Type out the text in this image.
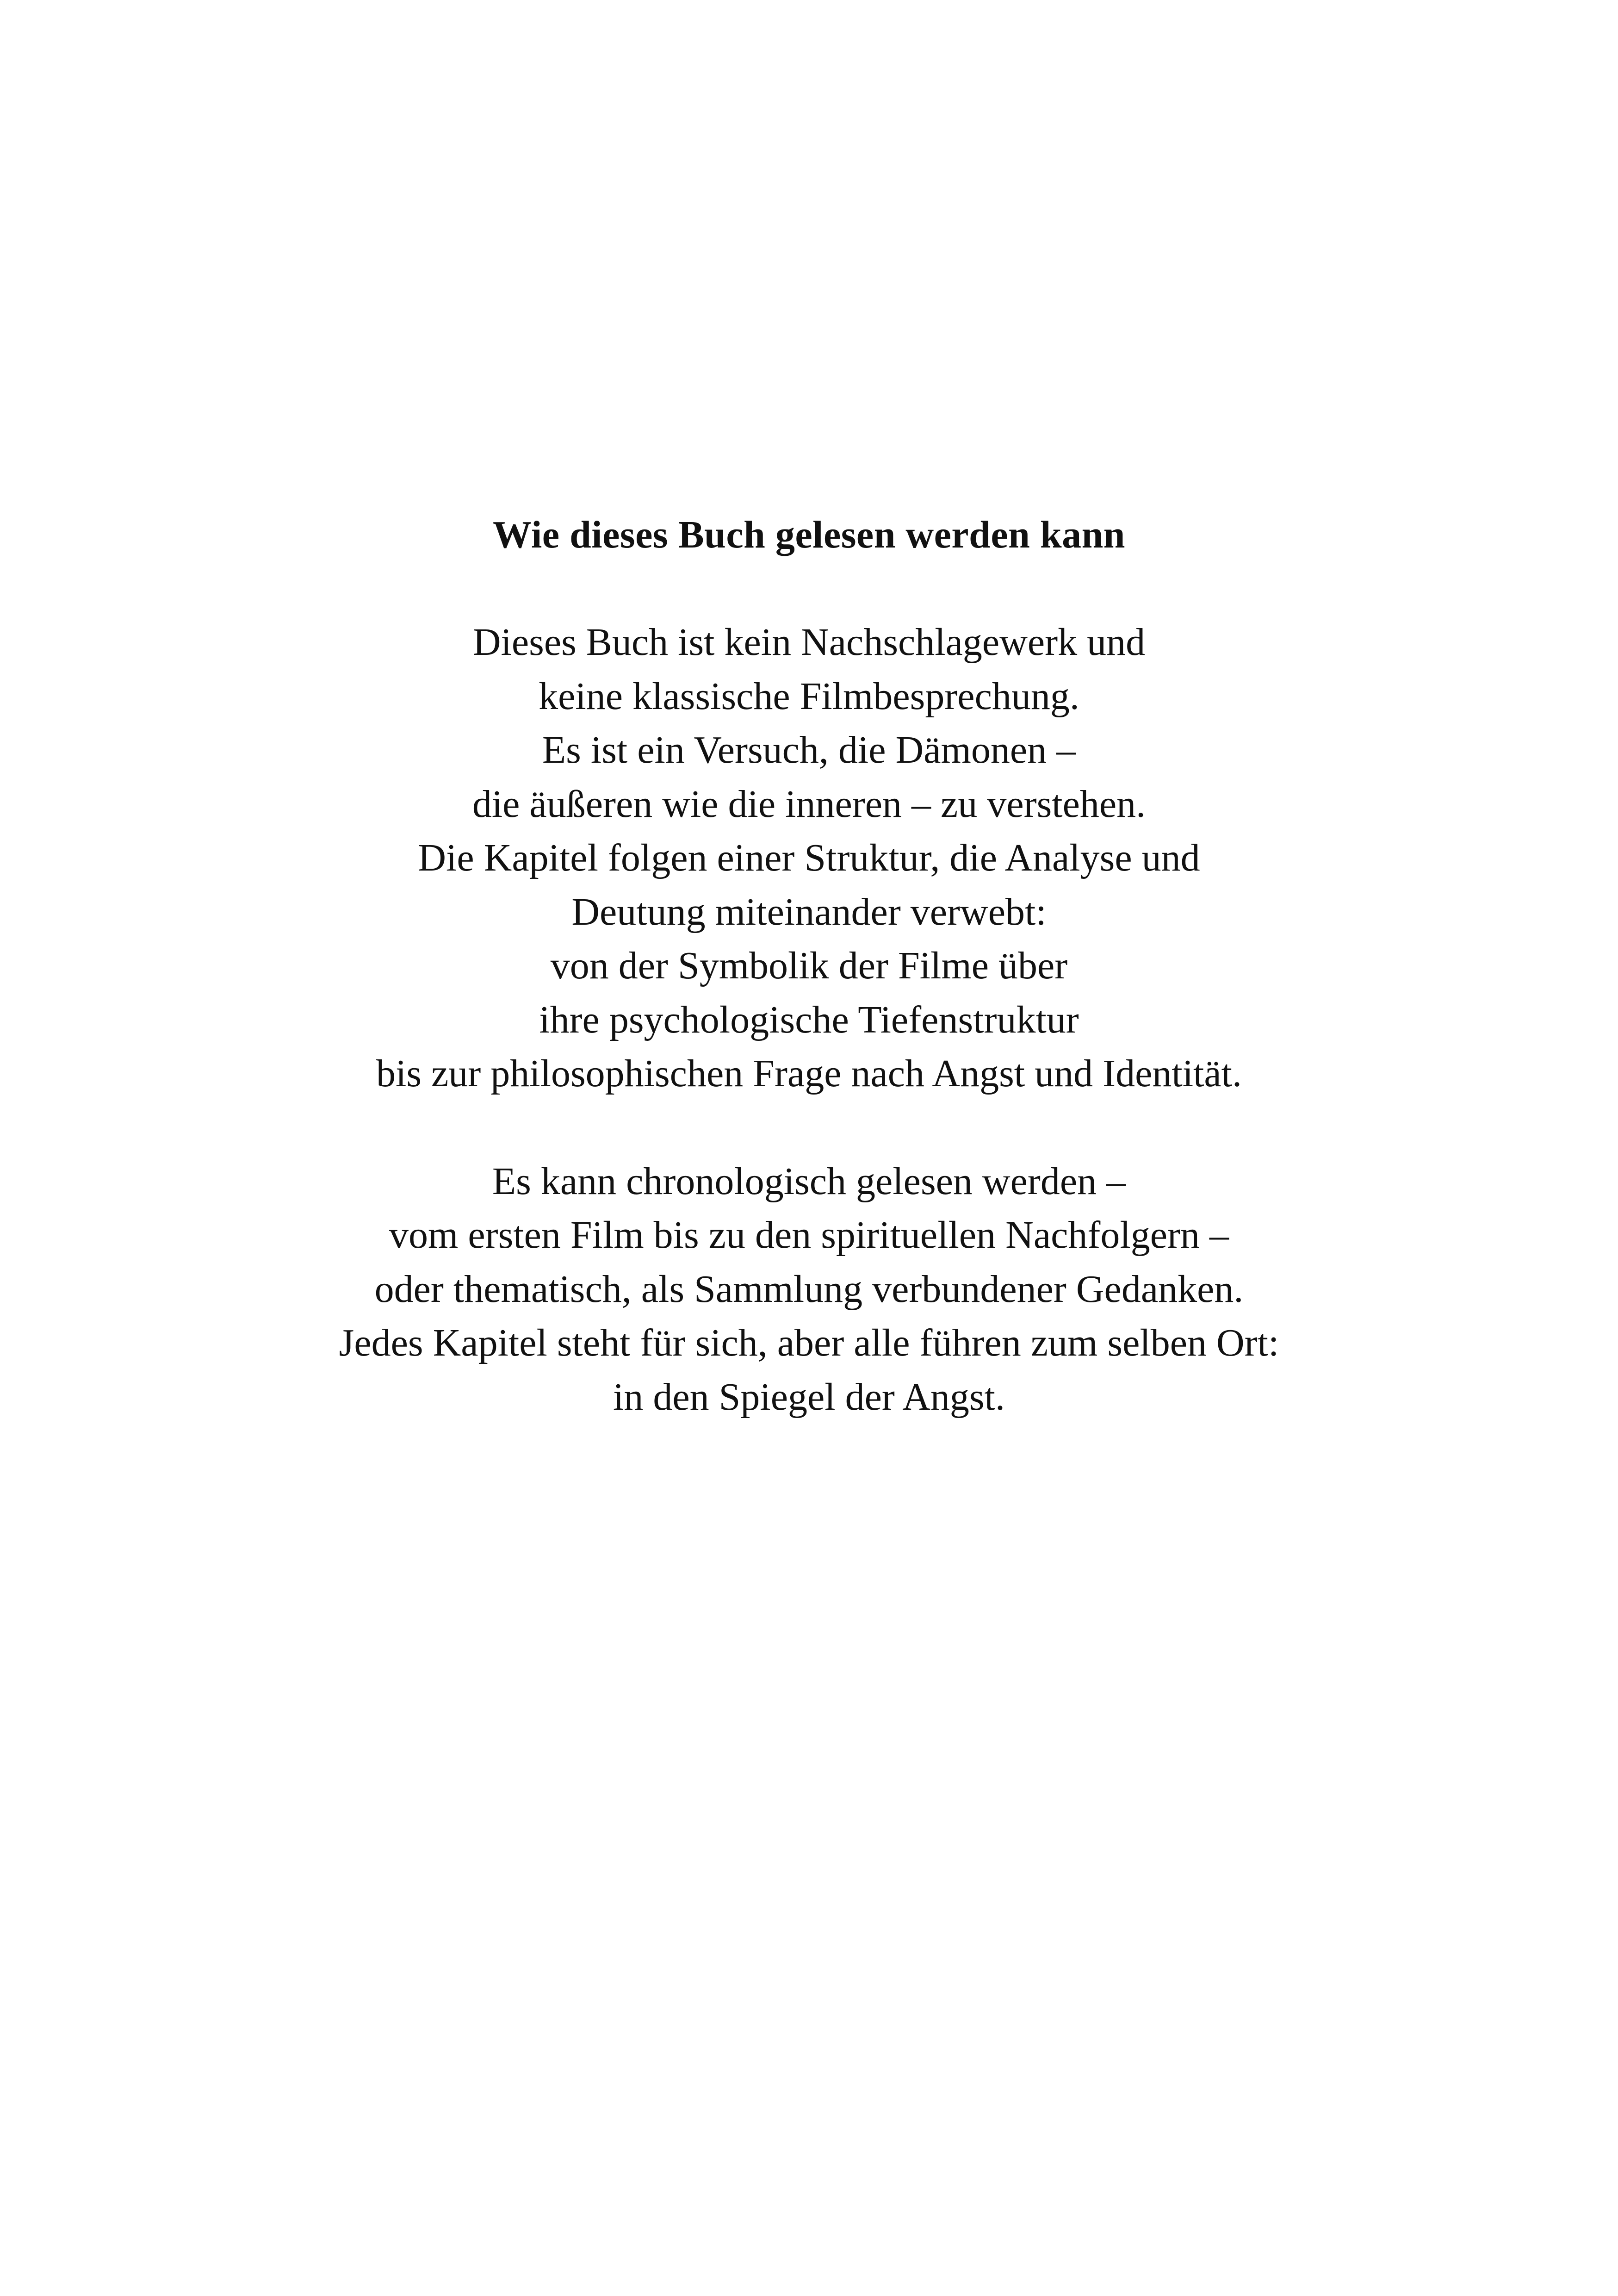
Wie dieses Buch gelesen werden kann

Dieses Buch ist kein Nachschlagewerk und
keine klassische Filmbesprechung.
Es ist ein Versuch, die Dämonen –
die äußeren wie die inneren – zu verstehen.
Die Kapitel folgen einer Struktur, die Analyse und
Deutung miteinander verwebt:
von der Symbolik der Filme über
ihre psychologische Tiefenstruktur
bis zur philosophischen Frage nach Angst und Identität.

Es kann chronologisch gelesen werden –
vom ersten Film bis zu den spirituellen Nachfolgern –
oder thematisch, als Sammlung verbundener Gedanken.
Jedes Kapitel steht für sich, aber alle führen zum selben Ort:
in den Spiegel der Angst.
